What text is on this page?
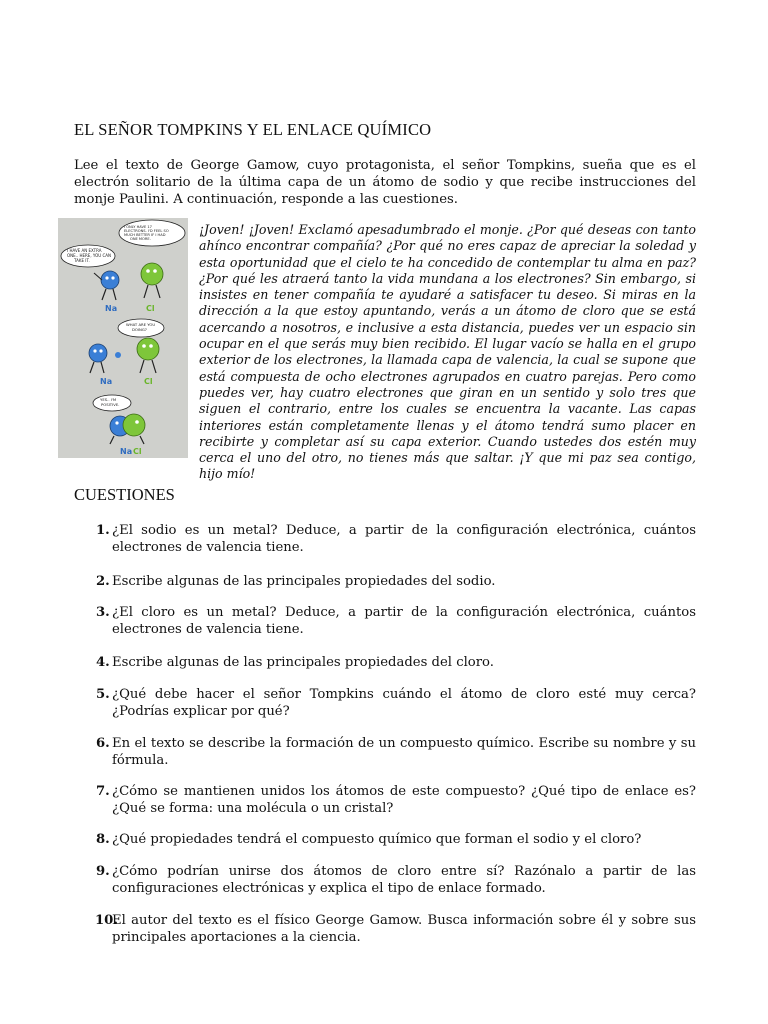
EL SEÑOR TOMPKINS Y EL ENLACE QUÍMICO

Lee el texto de George Gamow, cuyo protagonista, el señor Tompkins, sueña que es el electrón solitario de la última capa de un átomo de sodio y que recibe instrucciones del monje Paulini. A continuación, responde a las cuestiones.

I HAVE AN EXTRA ONE.. HERE, YOU CAN TAKE IT.
I ONLY HAVE 17 ELECTRONS. I'D FEEL SO MUCH BETTER IF I HAD ONE MORE.
Na	Cl
WHAT ARE YOU DOING?
Na	Cl
YES.. I'M POSITIVE.
Na Cl

¡Joven! ¡Joven! Exclamó apesadumbrado el monje. ¿Por qué deseas con tanto ahínco encontrar compañía? ¿Por qué no eres capaz de apreciar la soledad y esta oportunidad que el cielo te ha concedido de contemplar tu alma en paz? ¿Por qué les atraerá tanto la vida mundana a los electrones? Sin embargo, si insistes en tener compañía te ayudaré a satisfacer tu deseo. Si miras en la dirección a la que estoy apuntando, verás a un átomo de cloro que se está acercando a nosotros, e inclusive a esta distancia, puedes ver un espacio sin ocupar en el que serás muy bien recibido. El lugar vacío se halla en el grupo exterior de los electrones, la llamada capa de valencia, la cual se supone que está compuesta de ocho electrones agrupados en cuatro parejas. Pero como puedes ver, hay cuatro electrones que giran en un sentido y solo tres que siguen el contrario, entre los cuales se encuentra la vacante. Las capas interiores están completamente llenas y el átomo tendrá sumo placer en recibirte y completar así su capa exterior. Cuando ustedes dos estén muy cerca el uno del otro, no tienes más que saltar. ¡Y que mi paz sea contigo, hijo mío!

CUESTIONES
1. ¿El sodio es un metal? Deduce, a partir de la configuración electrónica, cuántos electrones de valencia tiene.
2. Escribe algunas de las principales propiedades del sodio.
3. ¿El cloro es un metal? Deduce, a partir de la configuración electrónica, cuántos electrones de valencia tiene.
4. Escribe algunas de las principales propiedades del cloro.
5. ¿Qué debe hacer el señor Tompkins cuándo el átomo de cloro esté muy cerca? ¿Podrías explicar por qué?
6. En el texto se describe la formación de un compuesto químico. Escribe su nombre y su fórmula.
7. ¿Cómo se mantienen unidos los átomos de este compuesto? ¿Qué tipo de enlace es? ¿Qué se forma: una molécula o un cristal?
8. ¿Qué propiedades tendrá el compuesto químico que forman el sodio y el cloro?
9. ¿Cómo podrían unirse dos átomos de cloro entre sí? Razónalo a partir de las configuraciones electrónicas y explica el tipo de enlace formado.
10.
El autor del texto es el físico George Gamow. Busca información sobre él y sobre sus principales aportaciones a la ciencia.
